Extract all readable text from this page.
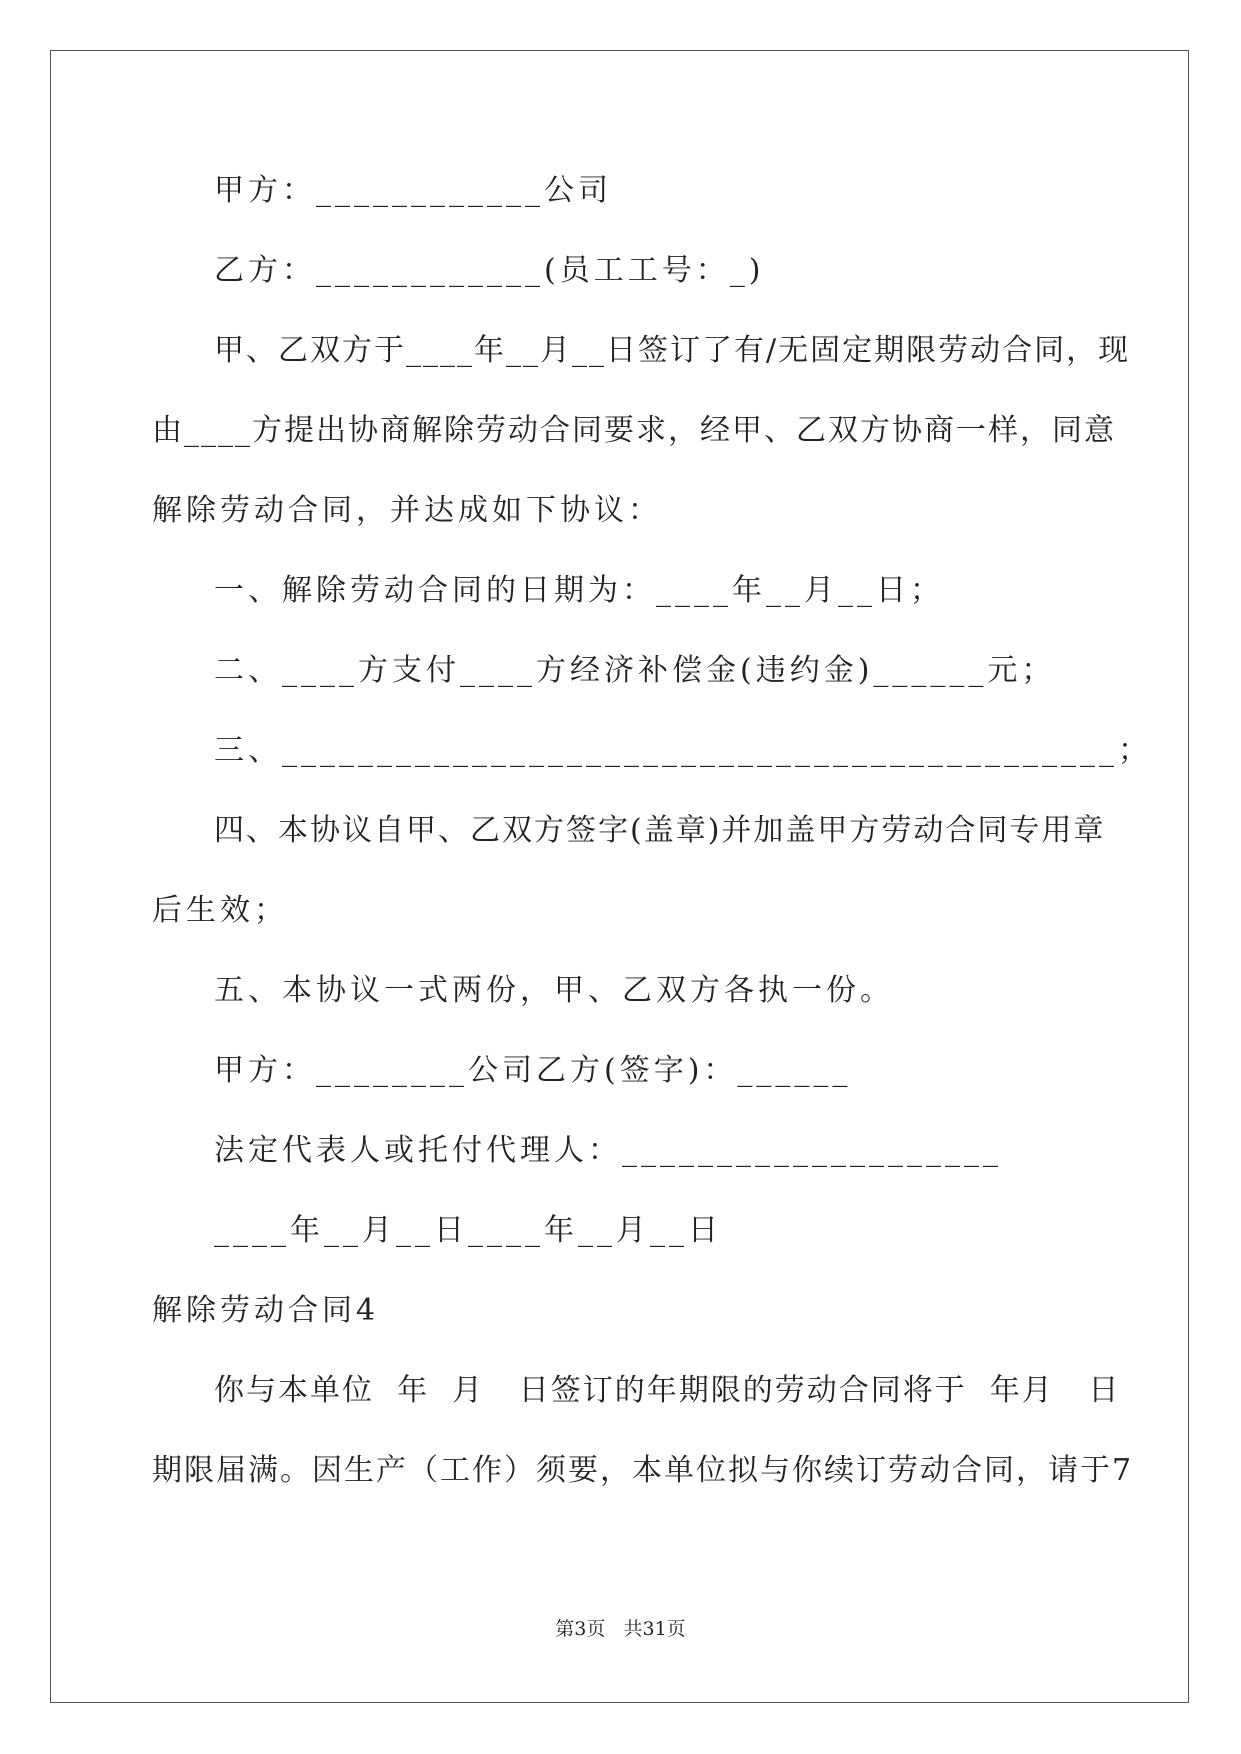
甲方：____________公司
乙方：____________(员工工号：_)
甲、乙双方于____年__月__日签订了有/无固定期限劳动合同，现
由____方提出协商解除劳动合同要求，经甲、乙双方协商一样，同意
解除劳动合同，并达成如下协议：
一、解除劳动合同的日期为：____年__月__日；
二、____方支付____方经济补偿金(违约金)______元；
三、____________________________________________；
四、本协议自甲、乙双方签字(盖章)并加盖甲方劳动合同专用章
后生效；
五、本协议一式两份，甲、乙双方各执一份。
甲方：________公司乙方(签字)：______
法定代表人或托付代理人：____________________
____年__月__日____年__月__日
解除劳动合同4
你与本单位  年  月   日签订的年期限的劳动合同将于  年月   日
期限届满。因生产（工作）须要，本单位拟与你续订劳动合同，请于7
第3页   共31页
